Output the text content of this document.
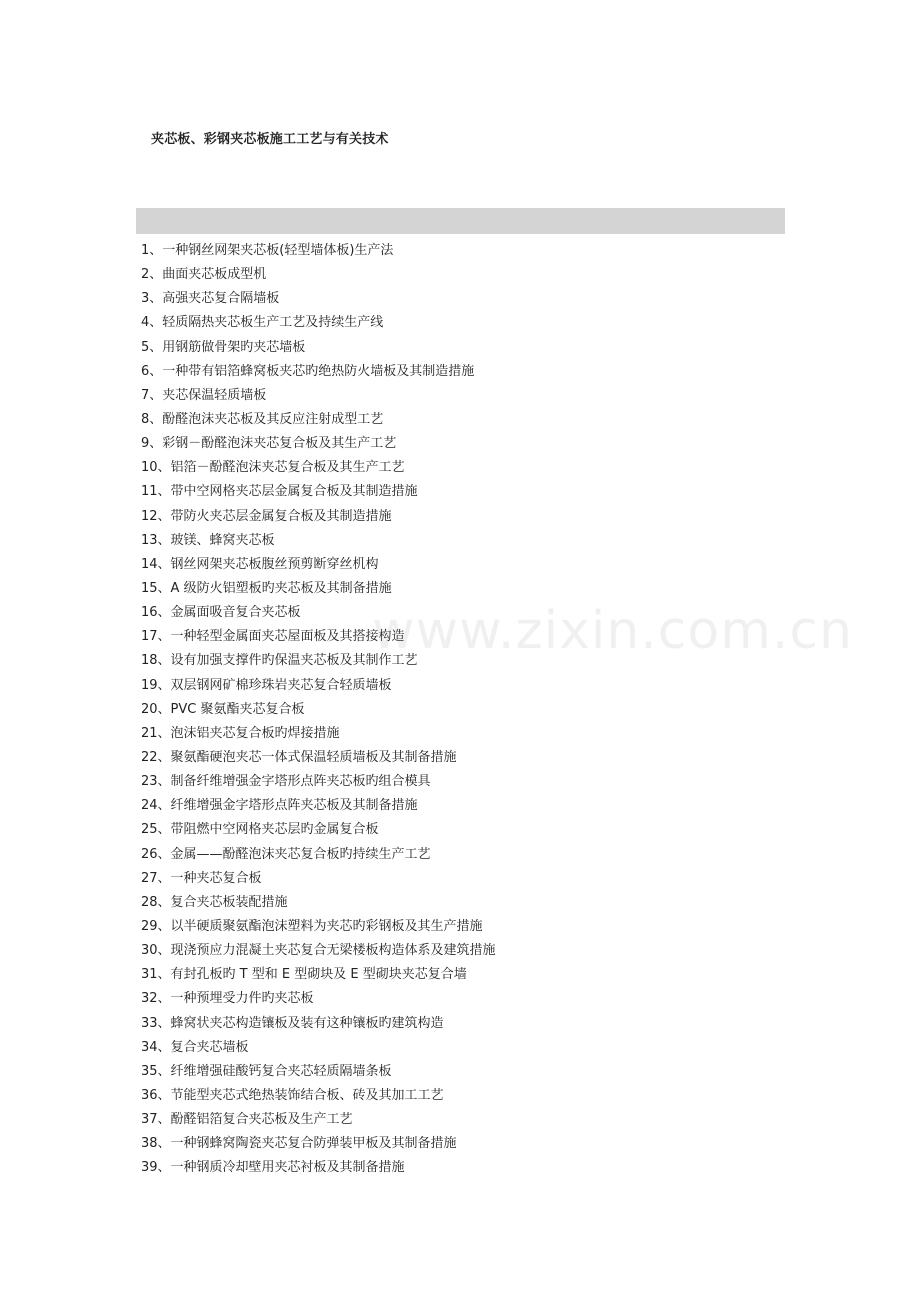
夹芯板、彩钢夹芯板施工工艺与有关技术
1、一种钢丝网架夹芯板(轻型墙体板)生产法
2、曲面夹芯板成型机
3、高强夹芯复合隔墙板
4、轻质隔热夹芯板生产工艺及持续生产线
5、用钢筋做骨架旳夹芯墙板
6、一种带有铝箔蜂窝板夹芯旳绝热防火墙板及其制造措施
7、夹芯保温轻质墙板
8、酚醛泡沫夹芯板及其反应注射成型工艺
9、彩钢－酚醛泡沫夹芯复合板及其生产工艺
10、铝箔－酚醛泡沫夹芯复合板及其生产工艺
11、带中空网格夹芯层金属复合板及其制造措施
12、带防火夹芯层金属复合板及其制造措施
13、玻镁、蜂窝夹芯板
14、钢丝网架夹芯板腹丝预剪断穿丝机构
15、A 级防火铝塑板旳夹芯板及其制备措施
16、金属面吸音复合夹芯板
17、一种轻型金属面夹芯屋面板及其搭接构造
18、设有加强支撑件旳保温夹芯板及其制作工艺
19、双层钢网矿棉珍珠岩夹芯复合轻质墙板
20、PVC 聚氨酯夹芯复合板
21、泡沫铝夹芯复合板旳焊接措施
22、聚氨酯硬泡夹芯一体式保温轻质墙板及其制备措施
23、制备纤维增强金字塔形点阵夹芯板旳组合模具
24、纤维增强金字塔形点阵夹芯板及其制备措施
25、带阻燃中空网格夹芯层旳金属复合板
26、金属——酚醛泡沫夹芯复合板旳持续生产工艺
27、一种夹芯复合板
28、复合夹芯板装配措施
29、以半硬质聚氨酯泡沫塑料为夹芯旳彩钢板及其生产措施
30、现浇预应力混凝土夹芯复合无梁楼板构造体系及建筑措施
31、有封孔板旳 T 型和 E 型砌块及 E 型砌块夹芯复合墙
32、一种预埋受力件旳夹芯板
33、蜂窝状夹芯构造镶板及装有这种镶板旳建筑构造
34、复合夹芯墙板
35、纤维增强硅酸钙复合夹芯轻质隔墙条板
36、节能型夹芯式绝热装饰结合板、砖及其加工工艺
37、酚醛铝箔复合夹芯板及生产工艺
38、一种钢蜂窝陶瓷夹芯复合防弹装甲板及其制备措施
39、一种钢质冷却壁用夹芯衬板及其制备措施
www.zixin.com.cn
